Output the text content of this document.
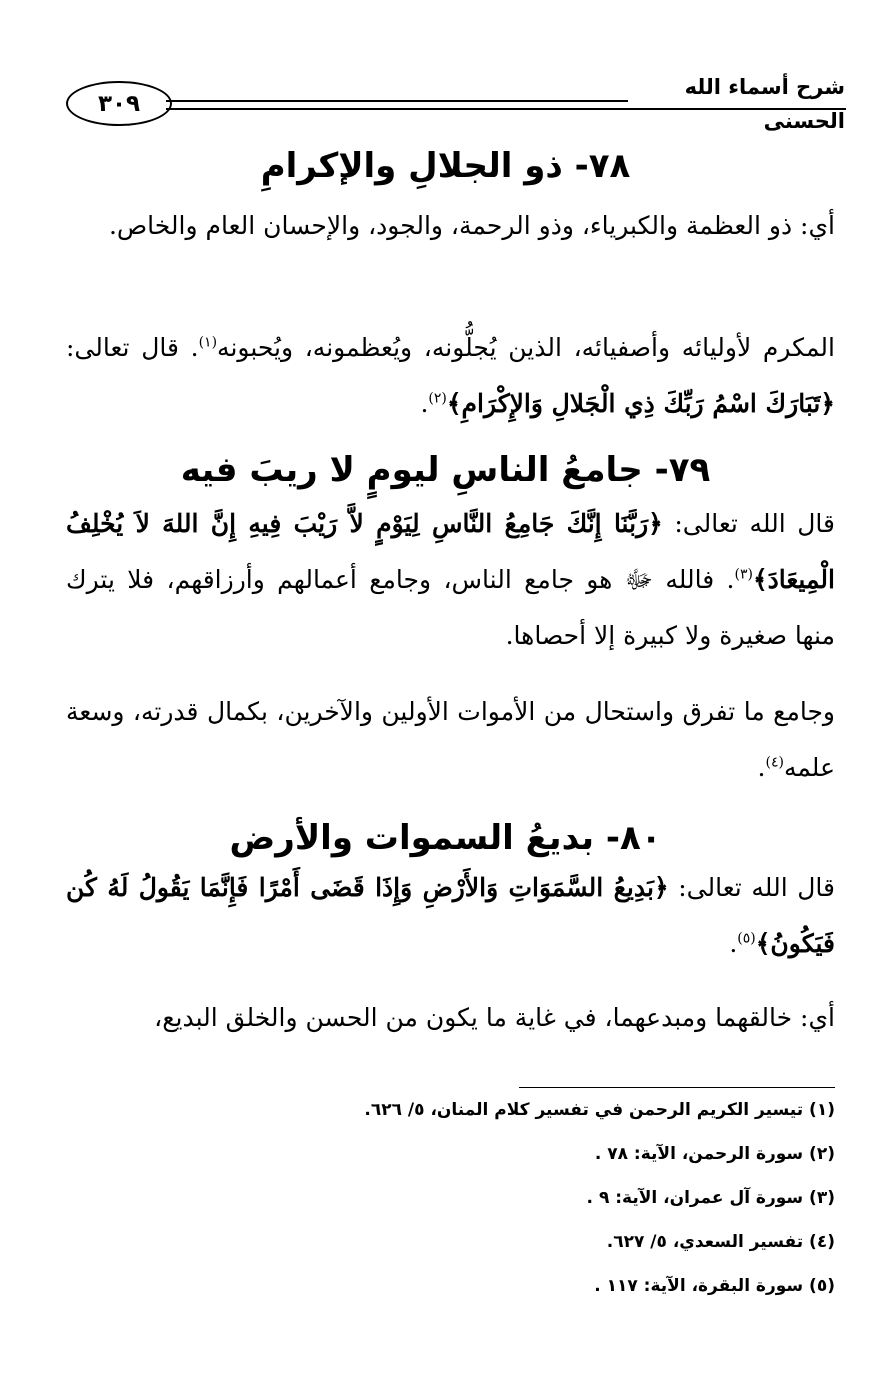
شرح أسماء الله الحسنى
٣٠٩
٧٨- ذو الجلالِ والإكرامِ
أي: ذو العظمة والكبرياء، وذو الرحمة، والجود، والإحسان العام والخاص.
المكرم لأوليائه وأصفيائه، الذين يُجلُّونه، ويُعظمونه، ويُحبونه$^{(١)}$. قال تعالى: ﴿تَبَارَكَ اسْمُ رَبِّكَ ذِي الْجَلالِ وَالإِكْرَامِ﴾$^{(٢)}$.
٧٩- جامعُ الناسِ ليومٍ لا ريبَ فيه
قال الله تعالى: ﴿رَبَّنَا إِنَّكَ جَامِعُ النَّاسِ لِيَوْمٍ لاَّ رَيْبَ فِيهِ إِنَّ اللهَ لاَ يُخْلِفُ الْمِيعَادَ﴾$^{(٣)}$. فالله ﷻ هو جامع الناس، وجامع أعمالهم وأرزاقهم، فلا يترك منها صغيرة ولا كبيرة إلا أحصاها.
وجامع ما تفرق واستحال من الأموات الأولين والآخرين، بكمال قدرته، وسعة علمه$^{(٤)}$.
٨٠- بديعُ السموات والأرض
قال الله تعالى: ﴿بَدِيعُ السَّمَوَاتِ وَالأَرْضِ وَإِذَا قَضَى أَمْرًا فَإِنَّمَا يَقُولُ لَهُ كُن فَيَكُونُ﴾$^{(٥)}$.
أي: خالقهما ومبدعهما، في غاية ما يكون من الحسن والخلق البديع،
(١) تيسير الكريم الرحمن في تفسير كلام المنان، ٥/ ٦٢٦.
(٢) سورة الرحمن، الآية: ٧٨ .
(٣) سورة آل عمران، الآية: ٩ .
(٤) تفسير السعدي، ٥/ ٦٢٧.
(٥) سورة البقرة، الآية: ١١٧ .
